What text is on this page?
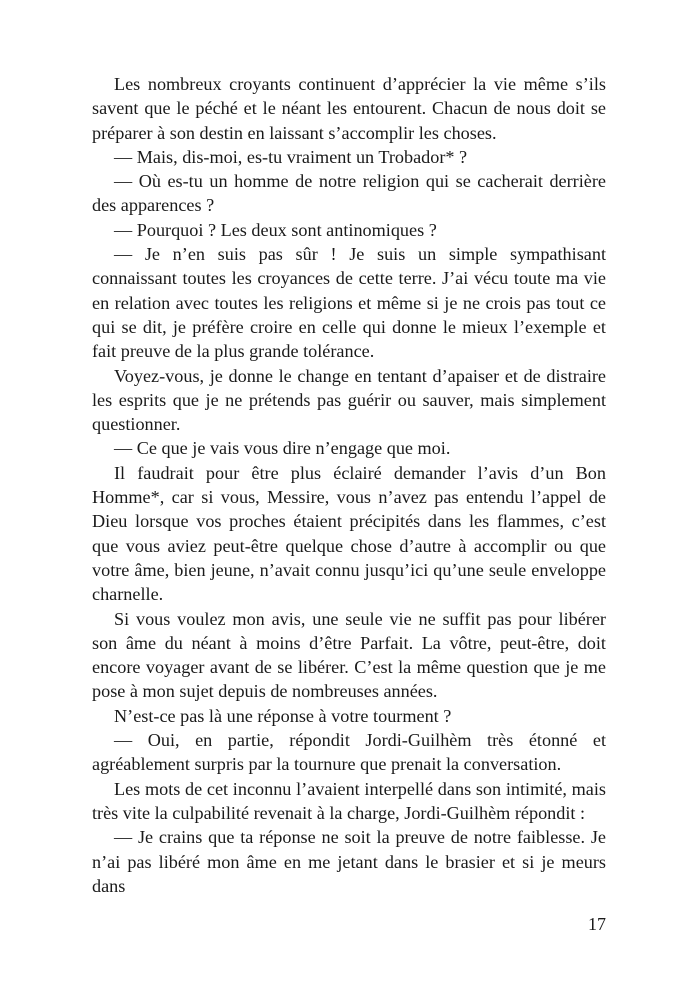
Les nombreux croyants continuent d’apprécier la vie même s’ils savent que le péché et le néant les entourent. Chacun de nous doit se préparer à son destin en laissant s’accomplir les choses.

— Mais, dis-moi, es-tu vraiment un Trobador* ?

— Où es-tu un homme de notre religion qui se cacherait derrière des apparences ?

— Pourquoi ? Les deux sont antinomiques ?

— Je n’en suis pas sûr ! Je suis un simple sympathisant connaissant toutes les croyances de cette terre. J’ai vécu toute ma vie en relation avec toutes les religions et même si je ne crois pas tout ce qui se dit, je préfère croire en celle qui donne le mieux l’exemple et fait preuve de la plus grande tolérance.

Voyez-vous, je donne le change en tentant d’apaiser et de distraire les esprits que je ne prétends pas guérir ou sauver, mais simplement questionner.

— Ce que je vais vous dire n’engage que moi.

Il faudrait pour être plus éclairé demander l’avis d’un Bon Homme*, car si vous, Messire, vous n’avez pas entendu l’appel de Dieu lorsque vos proches étaient précipités dans les flammes, c’est que vous aviez peut-être quelque chose d’autre à accomplir ou que votre âme, bien jeune, n’avait connu jusqu’ici qu’une seule enveloppe charnelle.

Si vous voulez mon avis, une seule vie ne suffit pas pour libérer son âme du néant à moins d’être Parfait. La vôtre, peut-être, doit encore voyager avant de se libérer. C’est la même question que je me pose à mon sujet depuis de nombreuses années.

N’est-ce pas là une réponse à votre tourment ?

— Oui, en partie, répondit Jordi-Guilhèm très étonné et agréablement surpris par la tournure que prenait la conversation.

Les mots de cet inconnu l’avaient interpellé dans son intimité, mais très vite la culpabilité revenait à la charge, Jordi-Guilhèm répondit :

— Je crains que ta réponse ne soit la preuve de notre faiblesse. Je n’ai pas libéré mon âme en me jetant dans le brasier et si je meurs dans

17
